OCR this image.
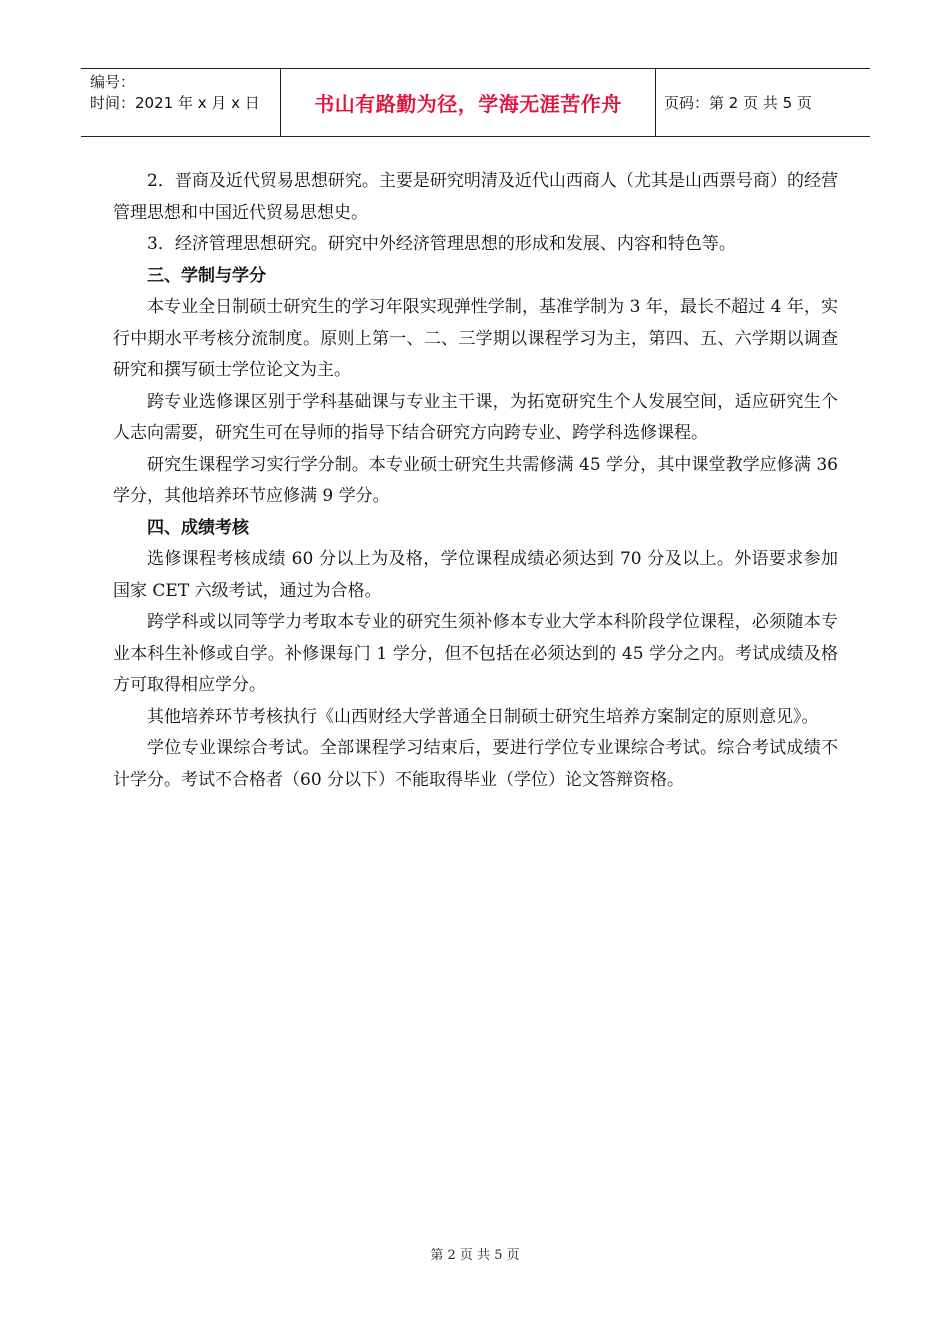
编号：
时间：2021 年 x 月 x 日	书山有路勤为径，学海无涯苦作舟	页码：第 2 页 共 5 页

2．晋商及近代贸易思想研究。主要是研究明清及近代山西商人（尤其是山西票号商）的经营管理思想和中国近代贸易思想史。

3．经济管理思想研究。研究中外经济管理思想的形成和发展、内容和特色等。

三、学制与学分

本专业全日制硕士研究生的学习年限实现弹性学制，基准学制为 3 年，最长不超过 4 年，实行中期水平考核分流制度。原则上第一、二、三学期以课程学习为主，第四、五、六学期以调查研究和撰写硕士学位论文为主。

跨专业选修课区别于学科基础课与专业主干课，为拓宽研究生个人发展空间，适应研究生个人志向需要，研究生可在导师的指导下结合研究方向跨专业、跨学科选修课程。

研究生课程学习实行学分制。本专业硕士研究生共需修满 45 学分，其中课堂教学应修满 36 学分，其他培养环节应修满 9 学分。

四、成绩考核

选修课程考核成绩 60 分以上为及格，学位课程成绩必须达到 70 分及以上。外语要求参加国家 CET 六级考试，通过为合格。

跨学科或以同等学力考取本专业的研究生须补修本专业大学本科阶段学位课程，必须随本专业本科生补修或自学。补修课每门 1 学分，但不包括在必须达到的 45 学分之内。考试成绩及格方可取得相应学分。

其他培养环节考核执行《山西财经大学普通全日制硕士研究生培养方案制定的原则意见》。

学位专业课综合考试。全部课程学习结束后，要进行学位专业课综合考试。综合考试成绩不计学分。考试不合格者（60 分以下）不能取得毕业（学位）论文答辩资格。

第 2 页 共 5 页
